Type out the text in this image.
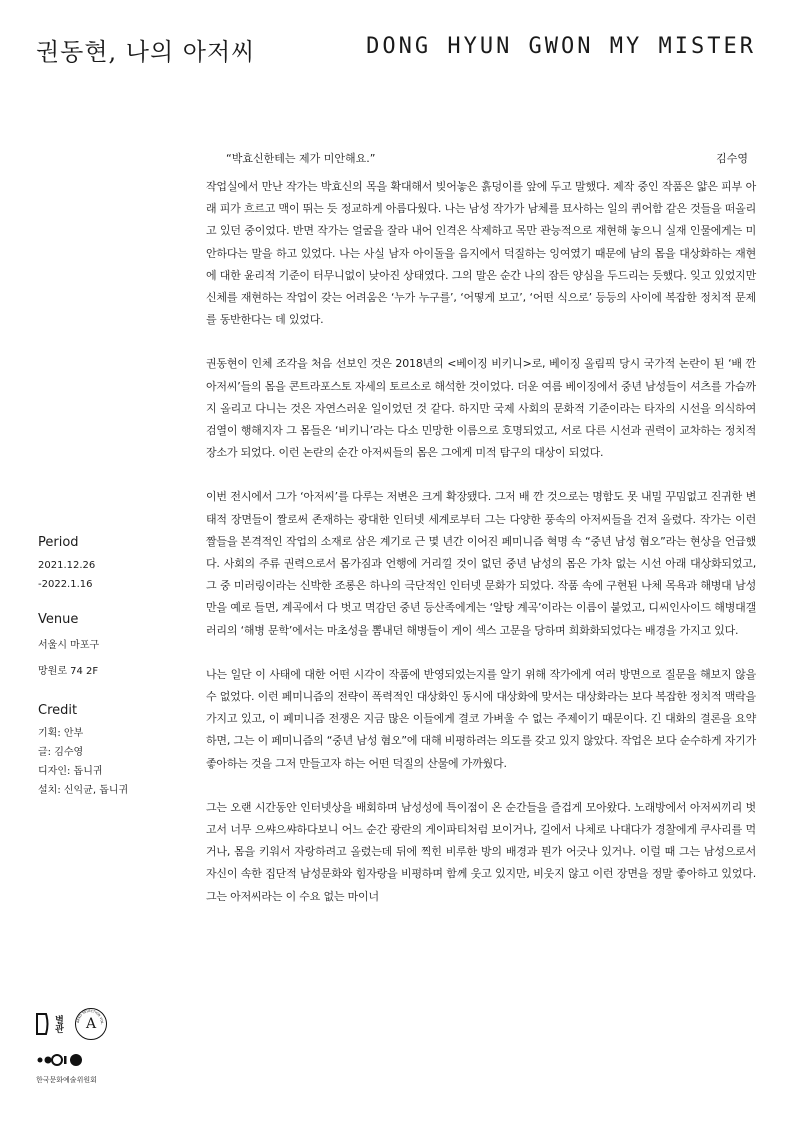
권동현, 나의 아저씨	DONG HYUN GWON MY MISTER
“박효신한테는 제가 미안해요.”	김수영

작업실에서 만난 작가는 박효신의 목을 확대해서 빚어놓은 흙덩이를 앞에 두고 말했다. 제작 중인 작품은 얇은 피부 아래 피가 흐르고 맥이 뛰는 듯 정교하게 아름다웠다. 나는 남성 작가가 남체를 묘사하는 일의 퀴어함 같은 것들을 떠올리고 있던 중이었다. 반면 작가는 얼굴을 잘라 내어 인격은 삭제하고 목만 관능적으로 재현해 놓으니 실재 인물에게는 미안하다는 말을 하고 있었다. 나는 사실 남자 아이돌을 음지에서 덕질하는 잉여였기 때문에 남의 몸을 대상화하는 재현에 대한 윤리적 기준이 터무니없이 낮아진 상태였다. 그의 말은 순간 나의 잠든 양심을 두드리는 듯했다. 잊고 있었지만 신체를 재현하는 작업이 갖는 어려움은 ‘누가 누구를’, ‘어떻게 보고’, ‘어떤 식으로’ 등등의 사이에 복잡한 정치적 문제를 동반한다는 데 있었다.

권동현이 인체 조각을 처음 선보인 것은 2018년의 <베이징 비키니>로, 베이징 올림픽 당시 국가적 논란이 된 ‘배 깐 아저씨’들의 몸을 콘트라포스토 자세의 토르소로 해석한 것이었다. 더운 여름 베이징에서 중년 남성들이 셔츠를 가슴까지 올리고 다니는 것은 자연스러운 일이었던 것 같다. 하지만 국제 사회의 문화적 기준이라는 타자의 시선을 의식하여 검열이 행해지자 그 몸들은 ‘비키니’라는 다소 민망한 이름으로 호명되었고, 서로 다른 시선과 권력이 교차하는 정치적 장소가 되었다. 이런 논란의 순간 아저씨들의 몸은 그에게 미적 탐구의 대상이 되었다.

이번 전시에서 그가 ‘아저씨’를 다루는 저변은 크게 확장됐다. 그저 배 깐 것으로는 명함도 못 내밀 꾸밈없고 진귀한 변태적 장면들이 짤로써 존재하는 광대한 인터넷 세계로부터 그는 다양한 풍속의 아저씨들을 건져 올렸다. 작가는 이런 짤들을 본격적인 작업의 소재로 삼은 계기로 근 몇 년간 이어진 페미니즘 혁명 속 “중년 남성 혐오”라는 현상을 언급했다. 사회의 주류 권력으로서 몸가짐과 언행에 거리낄 것이 없던 중년 남성의 몸은 가차 없는 시선 아래 대상화되었고, 그 중 미러링이라는 신박한 조롱은 하나의 극단적인 인터넷 문화가 되었다. 작품 속에 구현된 나체 목욕과 해병대 남성만을 예로 들면, 계곡에서 다 벗고 멱감던 중년 등산족에게는 ‘알탕 계곡’이라는 이름이 붙었고, 디씨인사이드 해병대갤러리의 ‘해병 문학’에서는 마초성을 뽐내던 해병들이 게이 섹스 고문을 당하며 희화화되었다는 배경을 가지고 있다.

나는 일단 이 사태에 대한 어떤 시각이 작품에 반영되었는지를 알기 위해 작가에게 여러 방면으로 질문을 해보지 않을 수 없었다. 이런 페미니즘의 전략이 폭력적인 대상화인 동시에 대상화에 맞서는 대상화라는 보다 복잡한 정치적 맥락을 가지고 있고, 이 페미니즘 전쟁은 지금 많은 이들에게 결코 가벼울 수 없는 주제이기 때문이다. 긴 대화의 결론을 요약하면, 그는 이 페미니즘의 “중년 남성 혐오”에 대해 비평하려는 의도를 갖고 있지 않았다. 작업은 보다 순수하게 자기가 좋아하는 것을 그저 만들고자 하는 어떤 덕질의 산물에 가까웠다.

그는 오랜 시간동안 인터넷상을 배회하며 남성성에 특이점이 온 순간들을 즐겁게 모아왔다. 노래방에서 아저씨끼리 벗고서 너무 으쌰으쌰하다보니 어느 순간 광란의 게이파티처럼 보이거나, 길에서 나체로 나대다가 경찰에게 쿠사리를 먹거나, 몸을 키워서 자랑하려고 올렸는데 뒤에 찍힌 비루한 방의 배경과 뭔가 어긋나 있거나. 이럴 때 그는 남성으로서 자신이 속한 집단적 남성문화와 힘자랑을 비평하며 함께 웃고 있지만, 비웃지 않고 이런 장면을 정말 좋아하고 있었다. 그는 아저씨라는 이 수요 없는 마이너

Period

2021.12.26

-2022.1.16

Venue

서울시 마포구

망원로 74 2F

Credit

기획: 안부

글: 김수영

디자인: 돕니귀

설치: 신익균, 돕니귀

별관	ARKO SELECTION VOL.
A
한국문화예술위원회
